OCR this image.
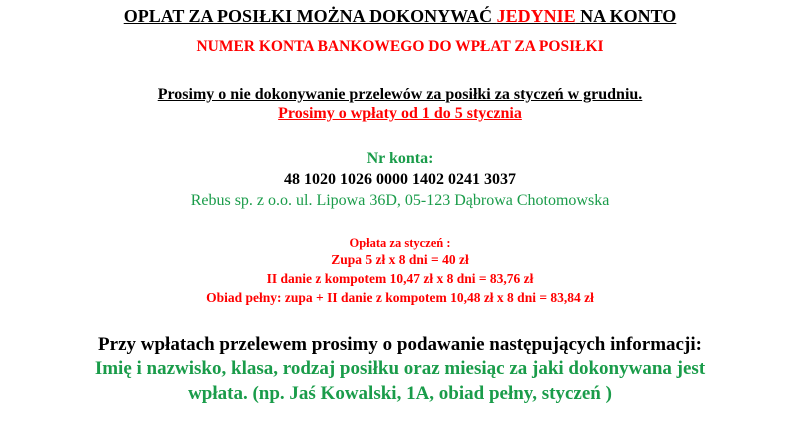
OPLAT ZA POSIŁKI MOŻNA DOKONYWAĆ JEDYNIE NA KONTO
NUMER KONTA BANKOWEGO DO WPŁAT ZA POSIŁKI
Prosimy o nie dokonywanie przelewów za posiłki za styczeń w grudniu.
Prosimy o wpłaty od 1 do 5 stycznia
Nr konta:
48 1020 1026 0000 1402 0241 3037
Rebus sp. z o.o. ul. Lipowa 36D, 05-123 Dąbrowa Chotomowska
Opłata za styczeń :
Zupa 5 zł x 8 dni = 40 zł
II danie z kompotem 10,47 zł x 8 dni = 83,76 zł
Obiad pełny: zupa + II danie z kompotem 10,48 zł x 8 dni = 83,84 zł
Przy wpłatach przelewem prosimy o podawanie następujących informacji:
Imię i nazwisko, klasa, rodzaj posiłku oraz miesiąc za jaki dokonywana jest
wpłata. (np. Jaś Kowalski, 1A, obiad pełny, styczeń )
